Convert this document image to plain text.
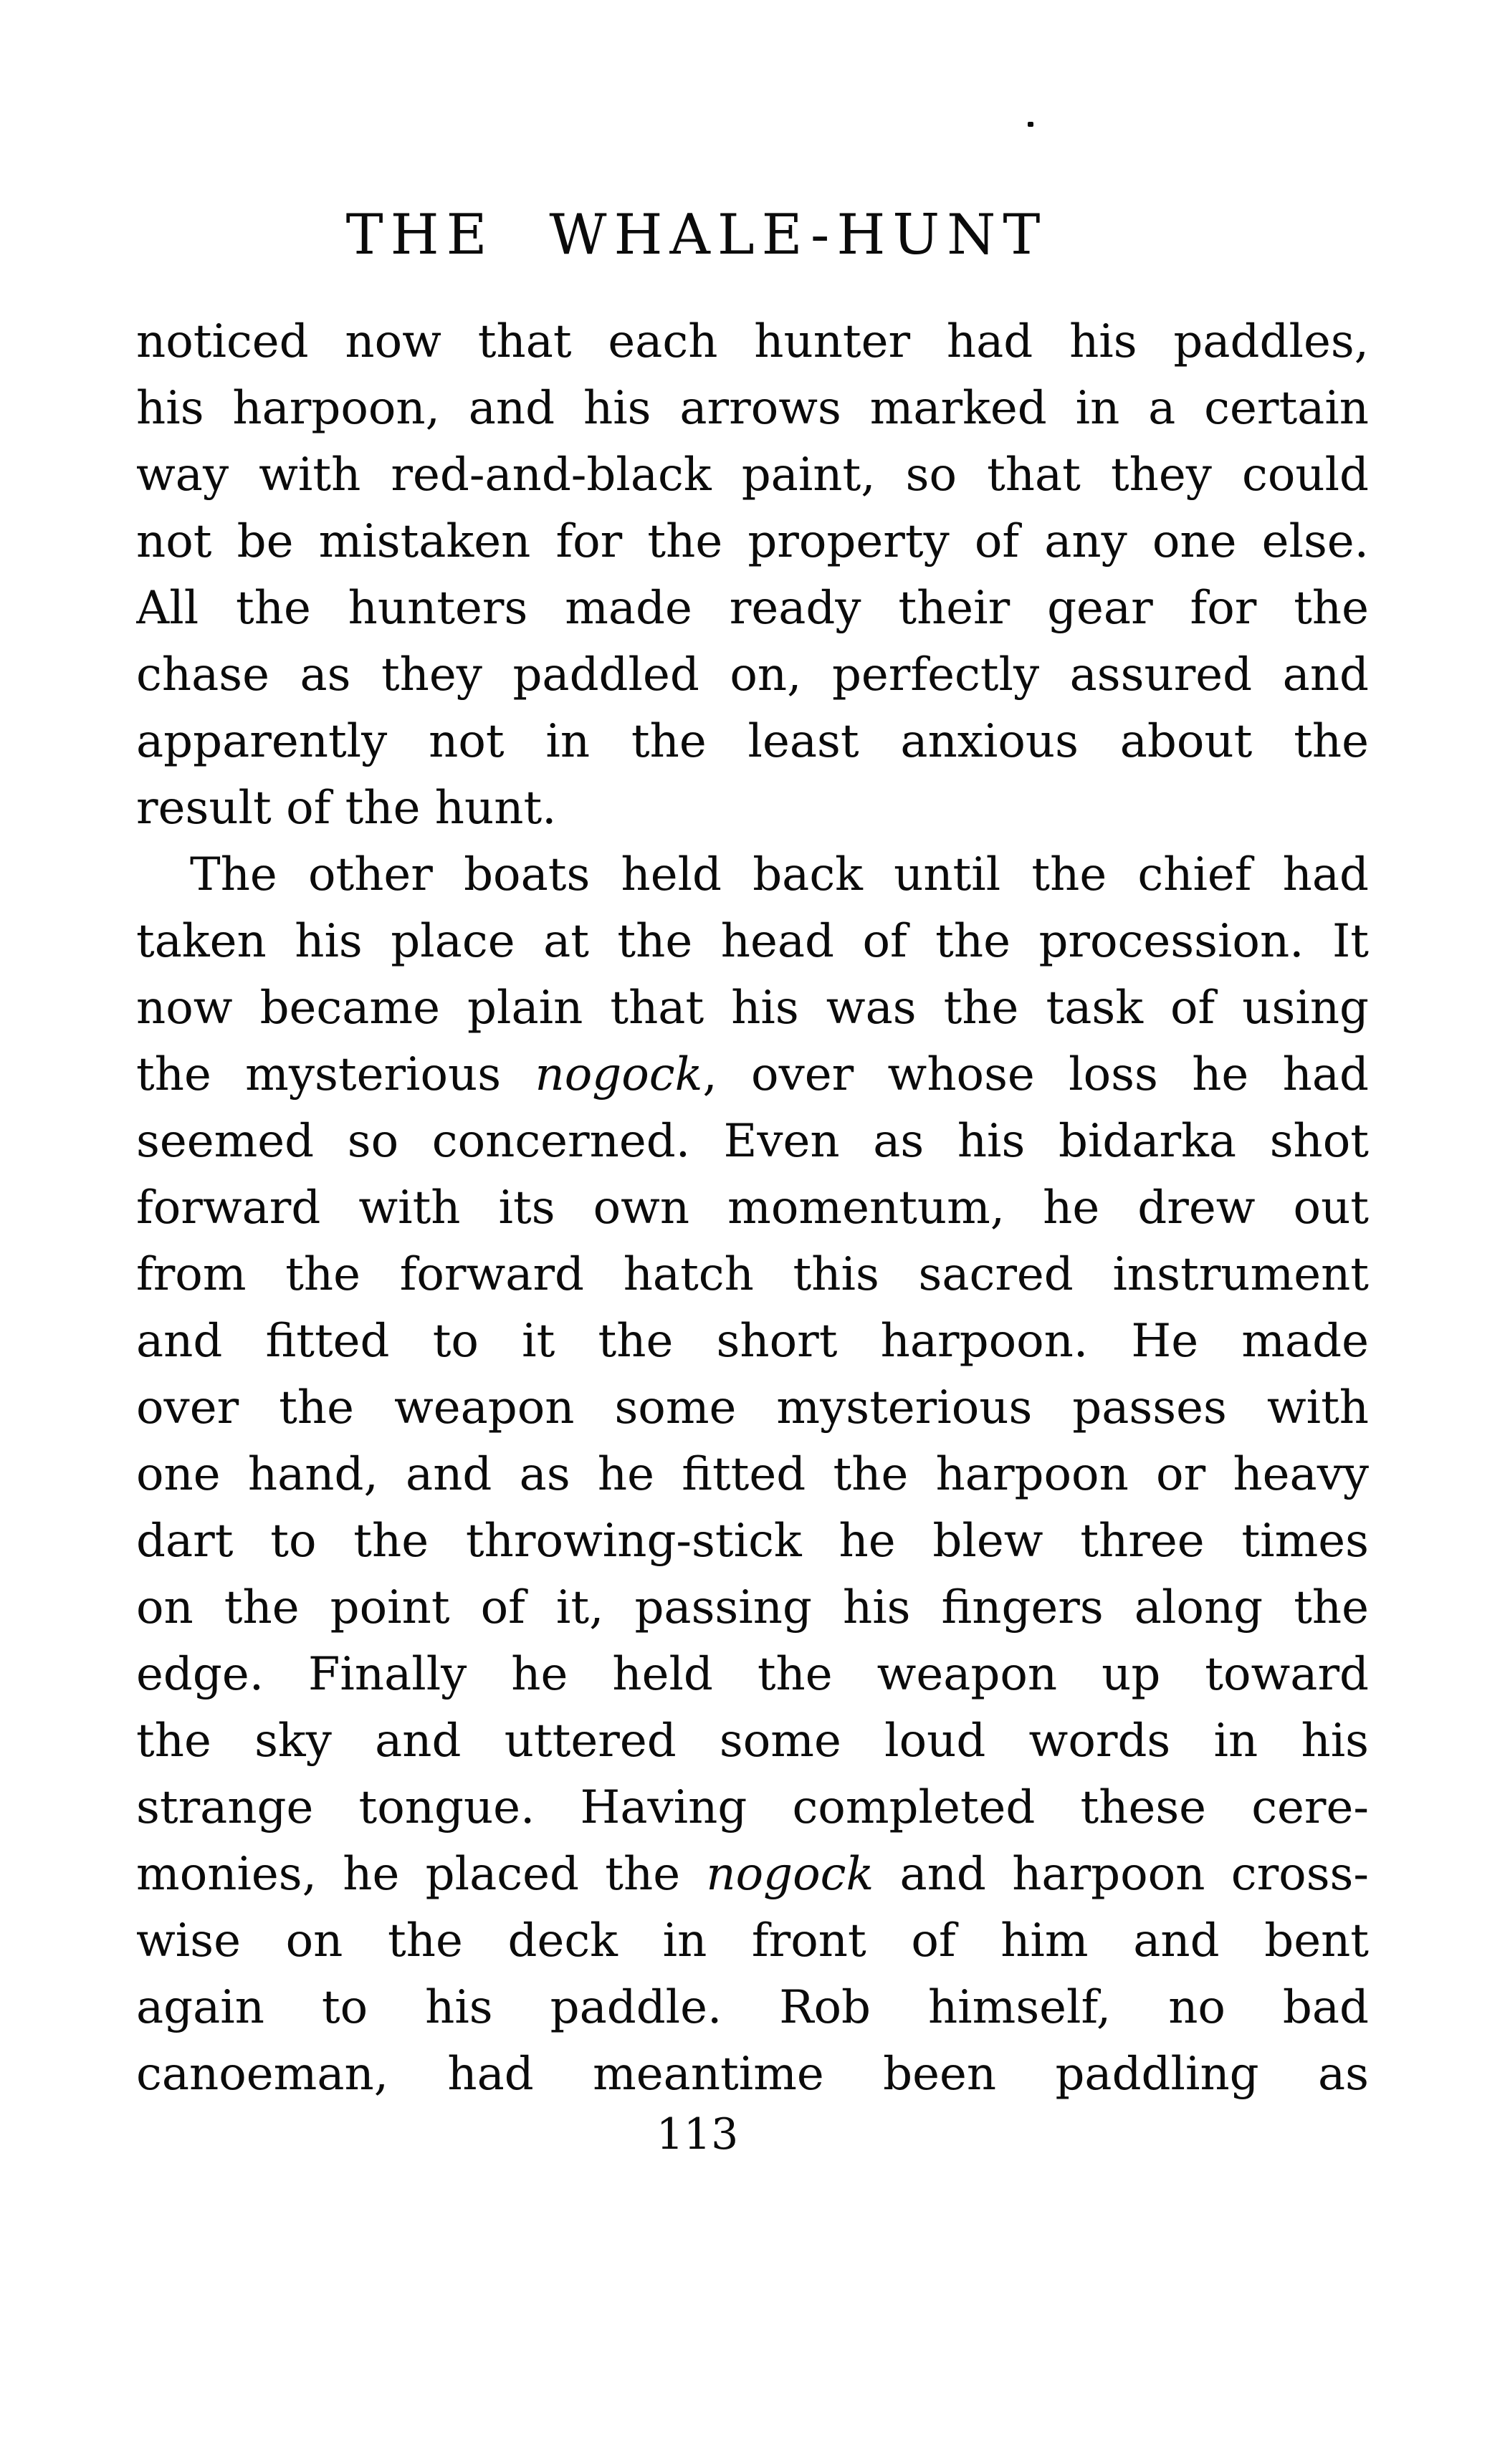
THE WHALE-HUNT
noticed now that each hunter had his paddles,
his harpoon, and his arrows marked in a certain
way with red-and-black paint, so that they could
not be mistaken for the property of any one else.
All the hunters made ready their gear for the
chase as they paddled on, perfectly assured and
apparently not in the least anxious about the
result of the hunt.
The other boats held back until the chief had
taken his place at the head of the procession. It
now became plain that his was the task of using
the mysterious nogock, over whose loss he had
seemed so concerned. Even as his bidarka shot
forward with its own momentum, he drew out
from the forward hatch this sacred instrument
and fitted to it the short harpoon. He made
over the weapon some mysterious passes with
one hand, and as he fitted the harpoon or heavy
dart to the throwing-stick he blew three times
on the point of it, passing his fingers along the
edge. Finally he held the weapon up toward
the sky and uttered some loud words in his
strange tongue. Having completed these cere-
monies, he placed the nogock and harpoon cross-
wise on the deck in front of him and bent
again to his paddle. Rob himself, no bad
canoeman, had meantime been paddling as
113
